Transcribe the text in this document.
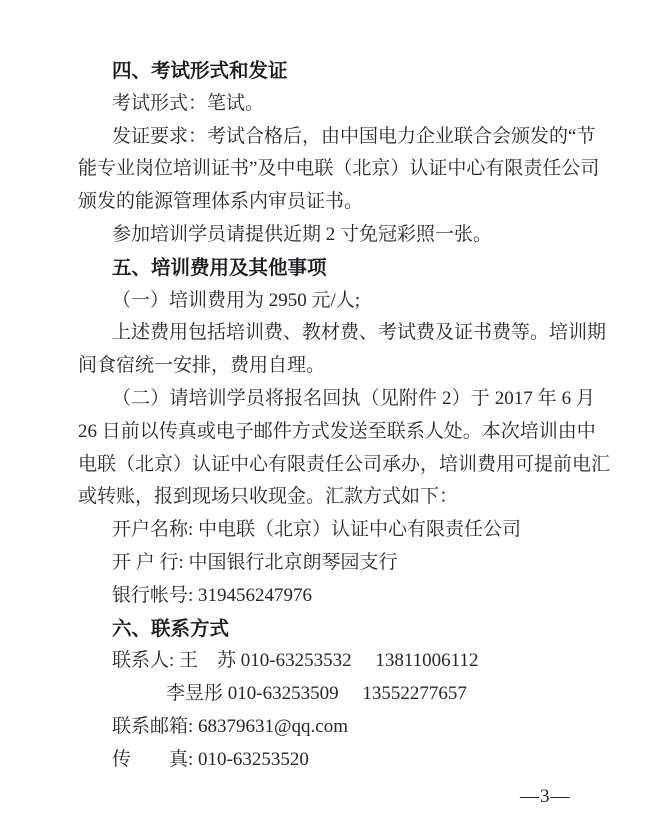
四、考试形式和发证
考试形式：笔试。
发证要求：考试合格后，由中国电力企业联合会颁发的“节
能专业岗位培训证书”及中电联（北京）认证中心有限责任公司
颁发的能源管理体系内审员证书。
参加培训学员请提供近期 2 寸免冠彩照一张。
五、培训费用及其他事项
（一）培训费用为 2950 元/人;
上述费用包括培训费、教材费、考试费及证书费等。培训期
间食宿统一安排，费用自理。
（二）请培训学员将报名回执（见附件 2）于 2017 年 6 月
26 日前以传真或电子邮件方式发送至联系人处。本次培训由中
电联（北京）认证中心有限责任公司承办，培训费用可提前电汇
或转账，报到现场只收现金。汇款方式如下：
开户名称: 中电联（北京）认证中心有限责任公司
开 户 行: 中国银行北京朗琴园支行
银行帐号: 319456247976
六、联系方式
联系人: 王　苏 010-63253532　 13811006112
李昱彤 010-63253509　 13552277657
联系邮箱: 68379631@qq.com
传　　真: 010-63253520
—3—
